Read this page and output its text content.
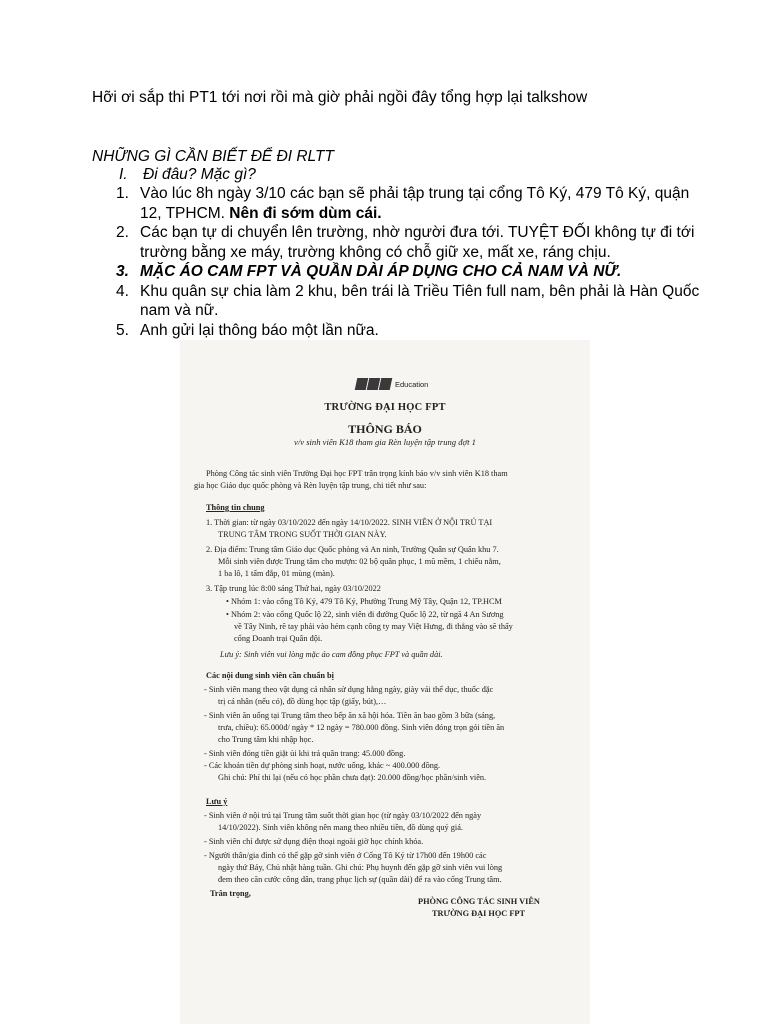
Hỡi ơi sắp thi PT1 tới nơi rồi mà giờ phải ngồi đây tổng hợp lại talkshow
NHỮNG GÌ CẦN BIẾT ĐỂ ĐI RLTT
I. Đi đâu? Mặc gì?
1. Vào lúc 8h ngày 3/10 các bạn sẽ phải tập trung tại cổng Tô Ký, 479 Tô Ký, quận 12, TPHCM. Nên đi sớm dùm cái.
2. Các bạn tự di chuyển lên trường, nhờ người đưa tới. TUYỆT ĐỐI không tự đi tới trường bằng xe máy, trường không có chỗ giữ xe, mất xe, ráng chịu.
3. MẶC ÁO CAM FPT VÀ QUẦN DÀI ÁP DỤNG CHO CẢ NAM VÀ NỮ.
4. Khu quân sự chia làm 2 khu, bên trái là Triều Tiên full nam, bên phải là Hàn Quốc nam và nữ.
5. Anh gửi lại thông báo một lần nữa.
Education
TRƯỜNG ĐẠI HỌC FPT
THÔNG BÁO
v/v sinh viên K18 tham gia Rèn luyện tập trung đợt 1
Phòng Công tác sinh viên Trường Đại học FPT trân trọng kính báo v/v sinh viên K18 tham
gia học Giáo dục quốc phòng và Rèn luyện tập trung, chi tiết như sau:
Thông tin chung
1. Thời gian: từ ngày 03/10/2022 đến ngày 14/10/2022. SINH VIÊN Ở NỘI TRÚ TẠI
TRUNG TÂM TRONG SUỐT THỜI GIAN NÀY.
2. Địa điểm: Trung tâm Giáo dục Quốc phòng và An ninh, Trường Quân sự Quân khu 7.
Mỗi sinh viên được Trung tâm cho mượn: 02 bộ quân phục, 1 mũ mềm, 1 chiếu nằm,
1 ba lô, 1 tấm đắp, 01 mùng (màn).
3. Tập trung lúc 8:00 sáng Thứ hai, ngày 03/10/2022
• Nhóm 1: vào cổng Tô Ký, 479 Tô Ký, Phường Trung Mỹ Tây, Quận 12, TP.HCM
• Nhóm 2: vào cổng Quốc lộ 22, sinh viên đi đường Quốc lộ 22, từ ngã 4 An Sương
về Tây Ninh, rẽ tay phải vào hẻm cạnh công ty may Việt Hưng, đi thẳng vào sẽ thấy
cổng Doanh trại Quân đội.
Lưu ý: Sinh viên vui lòng mặc áo cam đồng phục FPT và quần dài.
Các nội dung sinh viên cần chuẩn bị
- Sinh viên mang theo vật dụng cá nhân sử dụng hằng ngày, giày vải thể dục, thuốc đặc
trị cá nhân (nếu có), đồ dùng học tập (giấy, bút),…
- Sinh viên ăn uống tại Trung tâm theo bếp ăn xã hội hóa. Tiền ăn bao gồm 3 bữa (sáng,
trưa, chiều): 65.000đ/ ngày * 12 ngày = 780.000 đồng. Sinh viên đóng trọn gói tiền ăn
cho Trung tâm khi nhập học.
- Sinh viên đóng tiền giặt ủi khi trả quân trang: 45.000 đồng.
- Các khoản tiền dự phòng sinh hoạt, nước uống, khác ~ 400.000 đồng.
Ghi chú: Phí thi lại (nếu có học phần chưa đạt): 20.000 đồng/học phần/sinh viên.
Lưu ý
- Sinh viên ở nội trú tại Trung tâm suốt thời gian học (từ ngày 03/10/2022 đến ngày
14/10/2022). Sinh viên không nên mang theo nhiều tiền, đồ dùng quý giá.
- Sinh viên chỉ được sử dụng điện thoại ngoài giờ học chính khóa.
- Người thân/gia đình có thể gặp gỡ sinh viên ở Cổng Tô Ký từ 17h00 đến 19h00 các
ngày thứ Bảy, Chủ nhật hàng tuần. Ghi chú: Phụ huynh đến gặp gỡ sinh viên vui lòng
đem theo căn cước công dân, trang phục lịch sự (quần dài) để ra vào cổng Trung tâm.
Trân trọng,
PHÒNG CÔNG TÁC SINH VIÊN
TRƯỜNG ĐẠI HỌC FPT
